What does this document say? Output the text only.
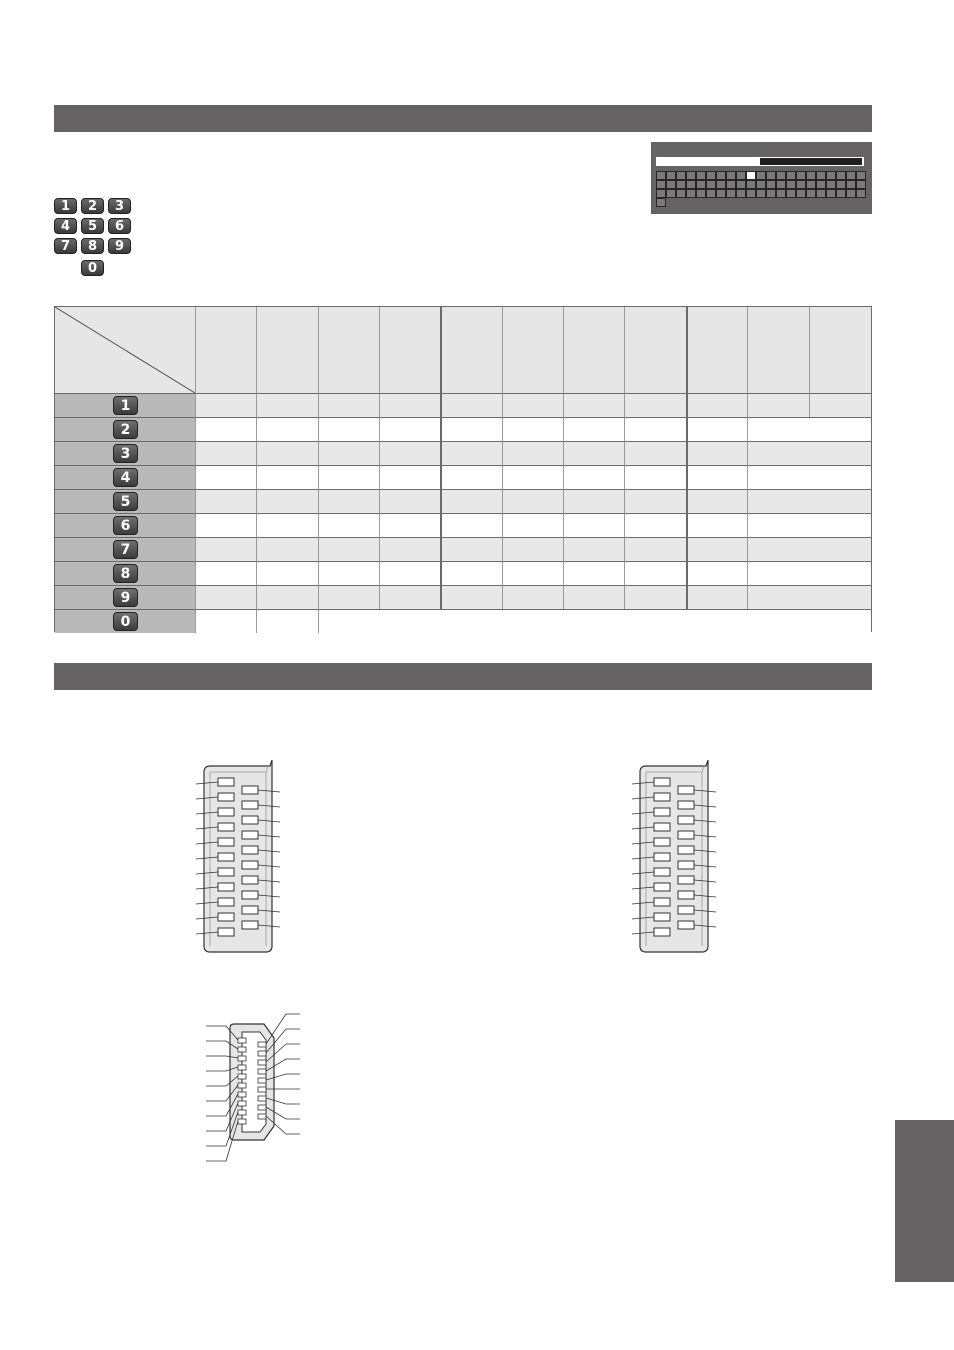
1	2	3
4	5	6
7	8	9
0
1
2
3
4
5
6
7
8
9
0
